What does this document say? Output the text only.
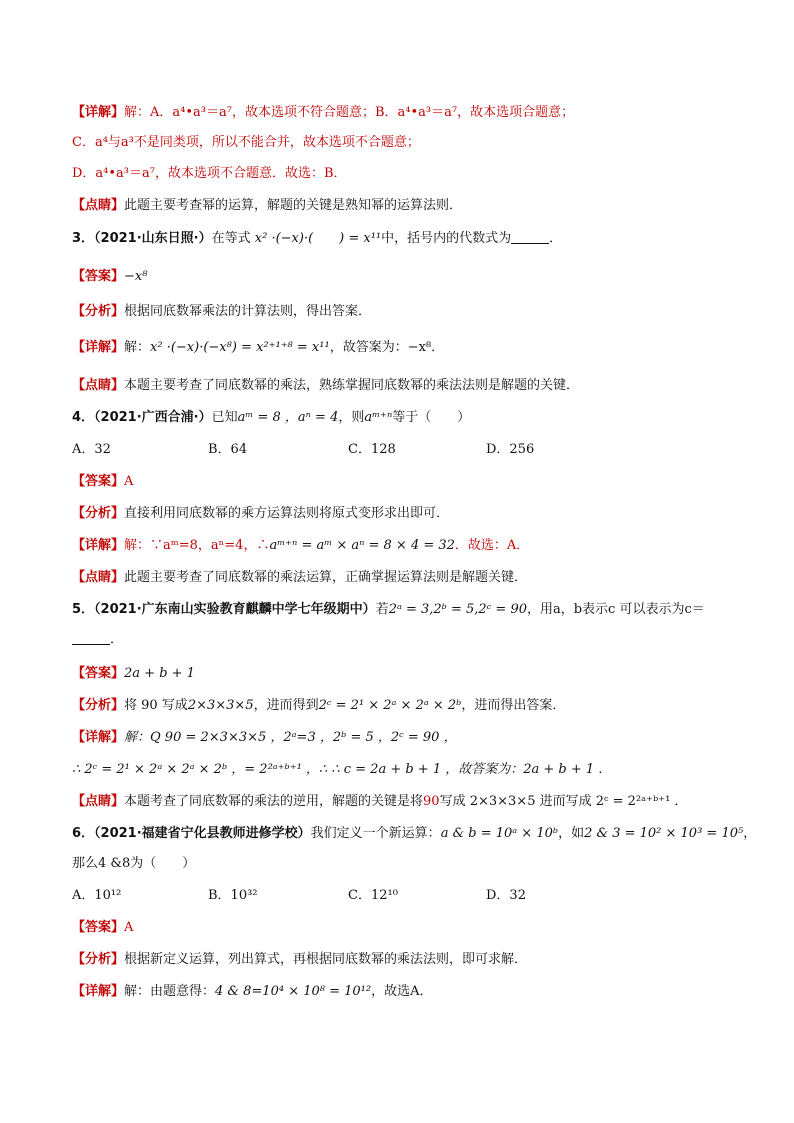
【详解】解：A．a⁴•a³＝a⁷，故本选项不符合题意；B．a⁴•a³＝a⁷，故本选项合题意；
C．a⁴与a³不是同类项，所以不能合并，故本选项不合题意；
D．a⁴•a³＝a⁷，故本选项不合题意．故选：B．
【点睛】此题主要考查幂的运算，解题的关键是熟知幂的运算法则．
3．（2021·山东日照·）在等式 x² ·(−x)·(　　) = x¹¹中，括号内的代数式为	．
【答案】−x⁸
【分析】根据同底数幂乘法的计算法则，得出答案．
【详解】解：x² ·(−x)·(−x⁸) = x²⁺¹⁺⁸ = x¹¹，故答案为：−x⁸．
【点睛】本题主要考查了同底数幂的乘法，熟练掌握同底数幂的乘法法则是解题的关键．
4．（2021·广西合浦·）已知aᵐ = 8 ，aⁿ = 4，则aᵐ⁺ⁿ等于（　　）
A．32	B．64	C．128	D．256
【答案】A
【分析】直接利用同底数幂的乘方运算法则将原式变形求出即可．
【详解】解：∵aᵐ=8，aⁿ=4，∴aᵐ⁺ⁿ = aᵐ × aⁿ = 8 × 4 = 32．故选：A．
【点睛】此题主要考查了同底数幂的乘法运算，正确掌握运算法则是解题关键．
5．（2021·广东南山实验教育麒麟中学七年级期中）若2ᵃ = 3,2ᵇ = 5,2ᶜ = 90，用a，b表示c 可以表示为c＝
．
【答案】2a + b + 1
【分析】将 90 写成2×3×3×5，进而得到2ᶜ = 2¹ × 2ᵃ × 2ᵃ × 2ᵇ，进而得出答案．
【详解】解：Q 90 = 2×3×3×5 ，2ᵃ=3 ，2ᵇ = 5 ，2ᶜ = 90 ，
∴ 2ᶜ = 2¹ × 2ᵃ × 2ᵃ × 2ᵇ ，= 2²ᵃ⁺ᵇ⁺¹ ，∴ ∴ c = 2a + b + 1 ，故答案为：2a + b + 1 ．
【点睛】本题考查了同底数幂的乘法的逆用，解题的关键是将90写成 2×3×3×5 进而写成 2ᶜ = 2²ᵃ⁺ᵇ⁺¹ ．
6．（2021·福建省宁化县教师进修学校）我们定义一个新运算：a & b = 10ᵃ × 10ᵇ，如2 & 3 = 10² × 10³ = 10⁵，
那么4 &8为（　　）
A．10¹²	B．10³²	C．12¹⁰	D．32
【答案】A
【分析】根据新定义运算，列出算式，再根据同底数幂的乘法法则，即可求解．
【详解】解：由题意得：4 & 8=10⁴ × 10⁸ = 10¹²，故选A．
